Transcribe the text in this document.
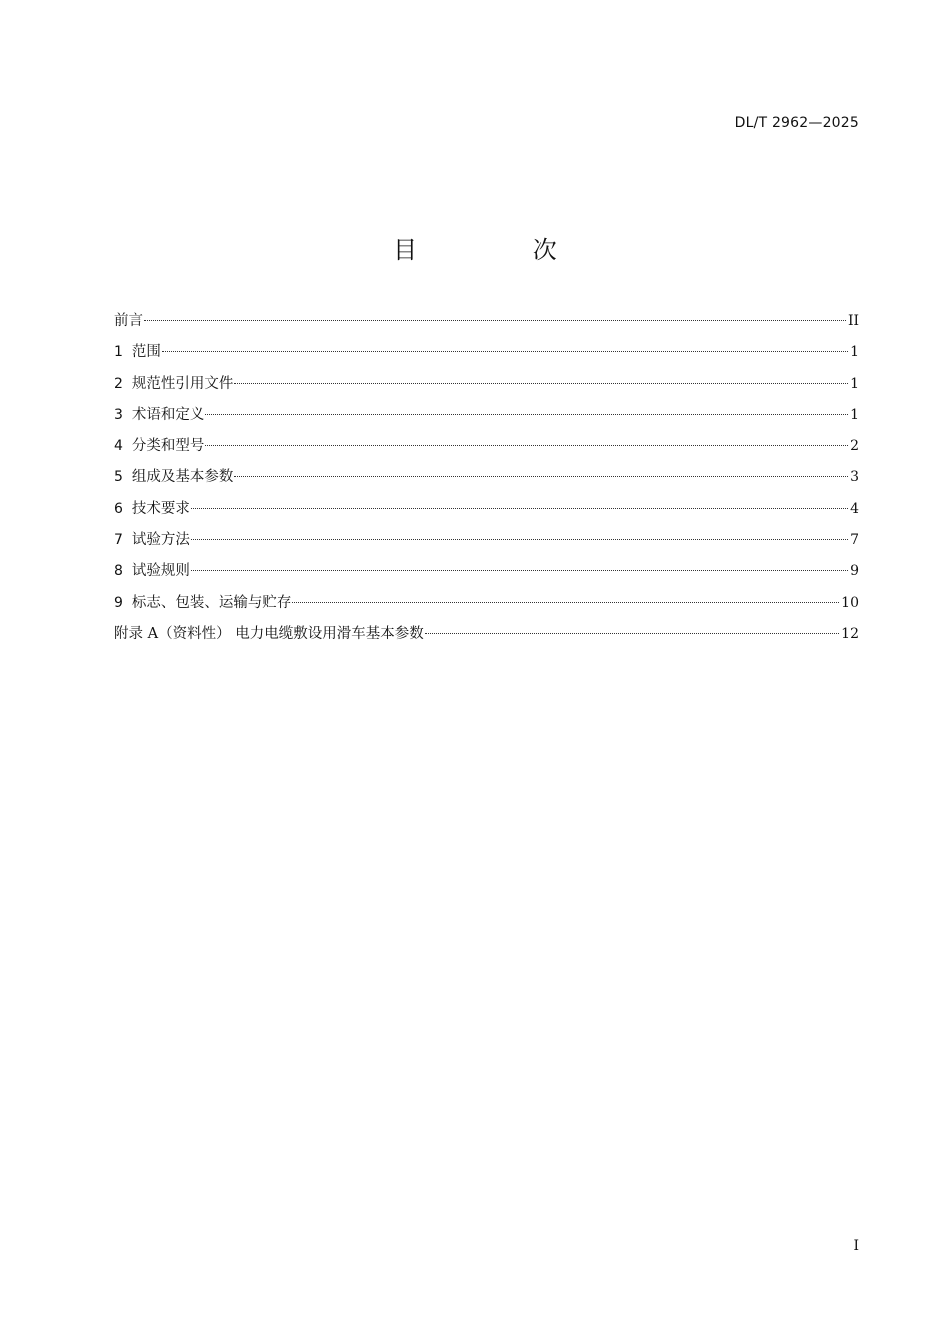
DL/T 2962—2025
目 次
前言	II
1 范围	1
2 规范性引用文件	1
3 术语和定义	1
4 分类和型号	2
5 组成及基本参数	3
6 技术要求	4
7 试验方法	7
8 试验规则	9
9 标志、包装、运输与贮存	10
附录 A（资料性） 电力电缆敷设用滑车基本参数	12
I
